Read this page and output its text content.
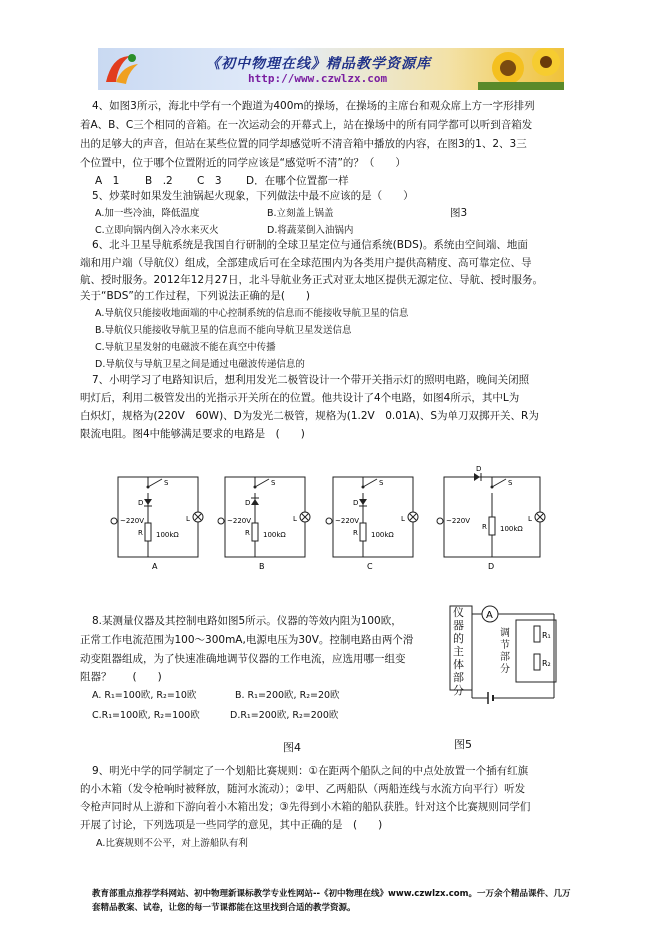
《初中物理在线》精品教学资源库
http://www.czwlzx.com
4、如图3所示，海北中学有一个跑道为400m的操场，在操场的主席台和观众席上方一字形排列
着A、B、C三个相同的音箱。在一次运动会的开幕式上，站在操场中的所有同学都可以听到音箱发
出的足够大的声音，但站在某些位置的同学却感觉听不清音箱中播放的内容，在图3的1、2、3三
个位置中，位于哪个位置附近的同学应该是“感觉听不清”的？（　　）
A　1 B　.2 C　3 D．在哪个位置都一样
5、炒菜时如果发生油锅起火现象，下列做法中最不应该的是（　　）
A.加一些冷油，降低温度	B.立刻盖上锅盖	图3
C.立即向锅内倒入冷水来灭火	D.将蔬菜倒入油锅内
6、北斗卫星导航系统是我国自行研制的全球卫星定位与通信系统(BDS)。系统由空间端、地面
端和用户端（导航仪）组成，全部建成后可在全球范围内为各类用户提供高精度、高可靠定位、导
航、授时服务。2012年12月27日，北斗导航业务正式对亚太地区提供无源定位、导航、授时服务。
关于“BDS”的工作过程，下列说法正确的是(　　)
A.导航仪只能接收地面端的中心控制系统的信息而不能接收导航卫星的信息
B.导航仪只能接收导航卫星的信息而不能向导航卫星发送信息
C.导航卫星发射的电磁波不能在真空中传播
D.导航仪与导航卫星之间是通过电磁波传递信息的
7、小明学习了电路知识后，想利用发光二极管设计一个带开关指示灯的照明电路，晚间关闭照
明灯后，利用二极管发出的光指示开关所在的位置。他共设计了4个电路，如图4所示，其中L为
白炽灯，规格为(220V　60W)、D为发光二极管，规格为(1.2V　0.01A)、S为单刀双掷开关、R为
限流电阻。图4中能够满足要求的电路是　(　　)
~220V
100kΩ
R
S
D
L
A
~220V
100kΩ
R
S
D
L
B
~220V
100kΩ
R
S
D
L
C
~220V
100kΩ
R
S
D
L
D
8.某测量仪器及其控制电路如图5所示。仪器的等效内阻为100欧，
正常工作电流范围为100～300mA,电源电压为30V。控制电路由两个滑
动变阻器组成，为了快速准确地调节仪器的工作电流，应选用哪一组变
阻器？　　(　　)
A. R₁=100欧, R₂=10欧	B. R₁=200欧, R₂=20欧
C.R₁=100欧, R₂=100欧	D.R₁=200欧, R₂=200欧
A
R₁
R₂
仪器的主体部分
调节部分
图4	图5
9、明光中学的同学制定了一个划船比赛规则：①在距两个船队之间的中点处放置一个插有红旗
的小木箱（发令枪响时被释放，随河水流动）；②甲、乙两船队（两船连线与水流方向平行）听发
令枪声同时从上游和下游向着小木箱出发；③先得到小木箱的船队获胜。针对这个比赛规则同学们
开展了讨论，下列选项是一些同学的意见，其中正确的是　(　　)
A.比赛规则不公平，对上游船队有利
教育部重点推荐学科网站、初中物理新课标教学专业性网站--《初中物理在线》www.czwlzx.com。一万余个精品课件、几万套精品教案、试卷，让您的每一节课都能在这里找到合适的教学资源。
